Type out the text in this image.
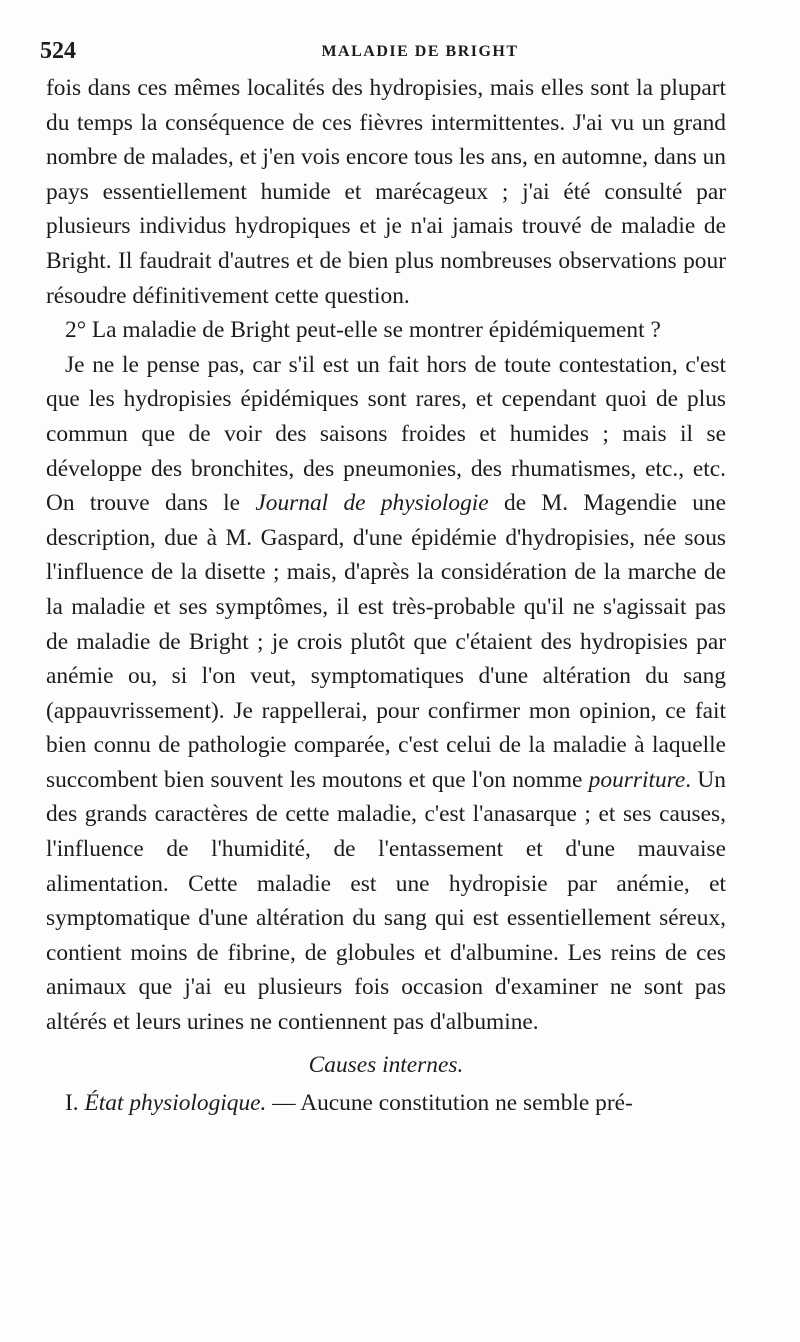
524	MALADIE DE BRIGHT

fois dans ces mêmes localités des hydropisies, mais elles sont la plupart du temps la conséquence de ces fièvres intermittentes. J'ai vu un grand nombre de malades, et j'en vois encore tous les ans, en automne, dans un pays essentiellement humide et marécageux ; j'ai été consulté par plusieurs individus hydropiques et je n'ai jamais trouvé de maladie de Bright. Il faudrait d'autres et de bien plus nombreuses observations pour résoudre définitivement cette question.

2° La maladie de Bright peut-elle se montrer épidémiquement ?

Je ne le pense pas, car s'il est un fait hors de toute contestation, c'est que les hydropisies épidémiques sont rares, et cependant quoi de plus commun que de voir des saisons froides et humides ; mais il se développe des bronchites, des pneumonies, des rhumatismes, etc., etc. On trouve dans le Journal de physiologie de M. Magendie une description, due à M. Gaspard, d'une épidémie d'hydropisies, née sous l'influence de la disette ; mais, d'après la considération de la marche de la maladie et ses symptômes, il est très-probable qu'il ne s'agissait pas de maladie de Bright ; je crois plutôt que c'étaient des hydropisies par anémie ou, si l'on veut, symptomatiques d'une altération du sang (appauvrissement). Je rappellerai, pour confirmer mon opinion, ce fait bien connu de pathologie comparée, c'est celui de la maladie à laquelle succombent bien souvent les moutons et que l'on nomme pourriture. Un des grands caractères de cette maladie, c'est l'anasarque ; et ses causes, l'influence de l'humidité, de l'entassement et d'une mauvaise alimentation. Cette maladie est une hydropisie par anémie, et symptomatique d'une altération du sang qui est essentiellement séreux, contient moins de fibrine, de globules et d'albumine. Les reins de ces animaux que j'ai eu plusieurs fois occasion d'examiner ne sont pas altérés et leurs urines ne contiennent pas d'albumine.

Causes internes.

I. État physiologique. — Aucune constitution ne semble pré-
